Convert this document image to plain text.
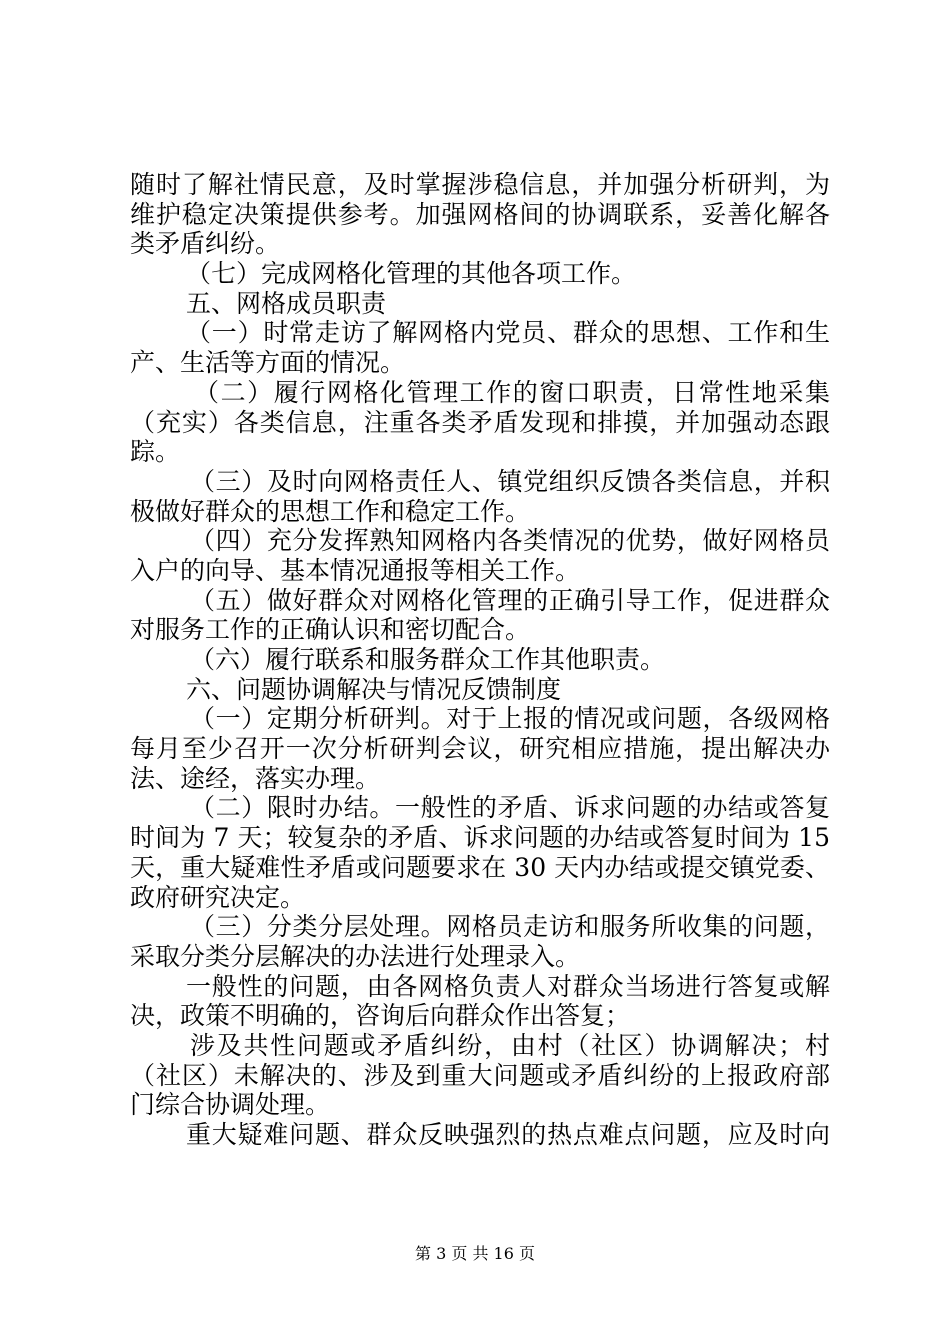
随时了解社情民意，及时掌握涉稳信息，并加强分析研判，为
维护稳定决策提供参考。加强网格间的协调联系，妥善化解各
类矛盾纠纷。
（七）完成网格化管理的其他各项工作。
五、网格成员职责
（一）时常走访了解网格内党员、群众的思想、工作和生
产、生活等方面的情况。
（二）履行网格化管理工作的窗口职责，日常性地采集
（充实）各类信息，注重各类矛盾发现和排摸，并加强动态跟
踪。
（三）及时向网格责任人、镇党组织反馈各类信息，并积
极做好群众的思想工作和稳定工作。
（四）充分发挥熟知网格内各类情况的优势，做好网格员
入户的向导、基本情况通报等相关工作。
（五）做好群众对网格化管理的正确引导工作，促进群众
对服务工作的正确认识和密切配合。
（六）履行联系和服务群众工作其他职责。
六、问题协调解决与情况反馈制度
（一）定期分析研判。对于上报的情况或问题，各级网格
每月至少召开一次分析研判会议，研究相应措施，提出解决办
法、途经，落实办理。
（二）限时办结。一般性的矛盾、诉求问题的办结或答复
时间为 7 天；较复杂的矛盾、诉求问题的办结或答复时间为 15
天，重大疑难性矛盾或问题要求在 30 天内办结或提交镇党委、
政府研究决定。
（三）分类分层处理。网格员走访和服务所收集的问题，
采取分类分层解决的办法进行处理录入。
一般性的问题，由各网格负责人对群众当场进行答复或解
决，政策不明确的，咨询后向群众作出答复；
涉及共性问题或矛盾纠纷，由村（社区）协调解决；村
（社区）未解决的、涉及到重大问题或矛盾纠纷的上报政府部
门综合协调处理。
重大疑难问题、群众反映强烈的热点难点问题，应及时向
第 3 页 共 16 页
